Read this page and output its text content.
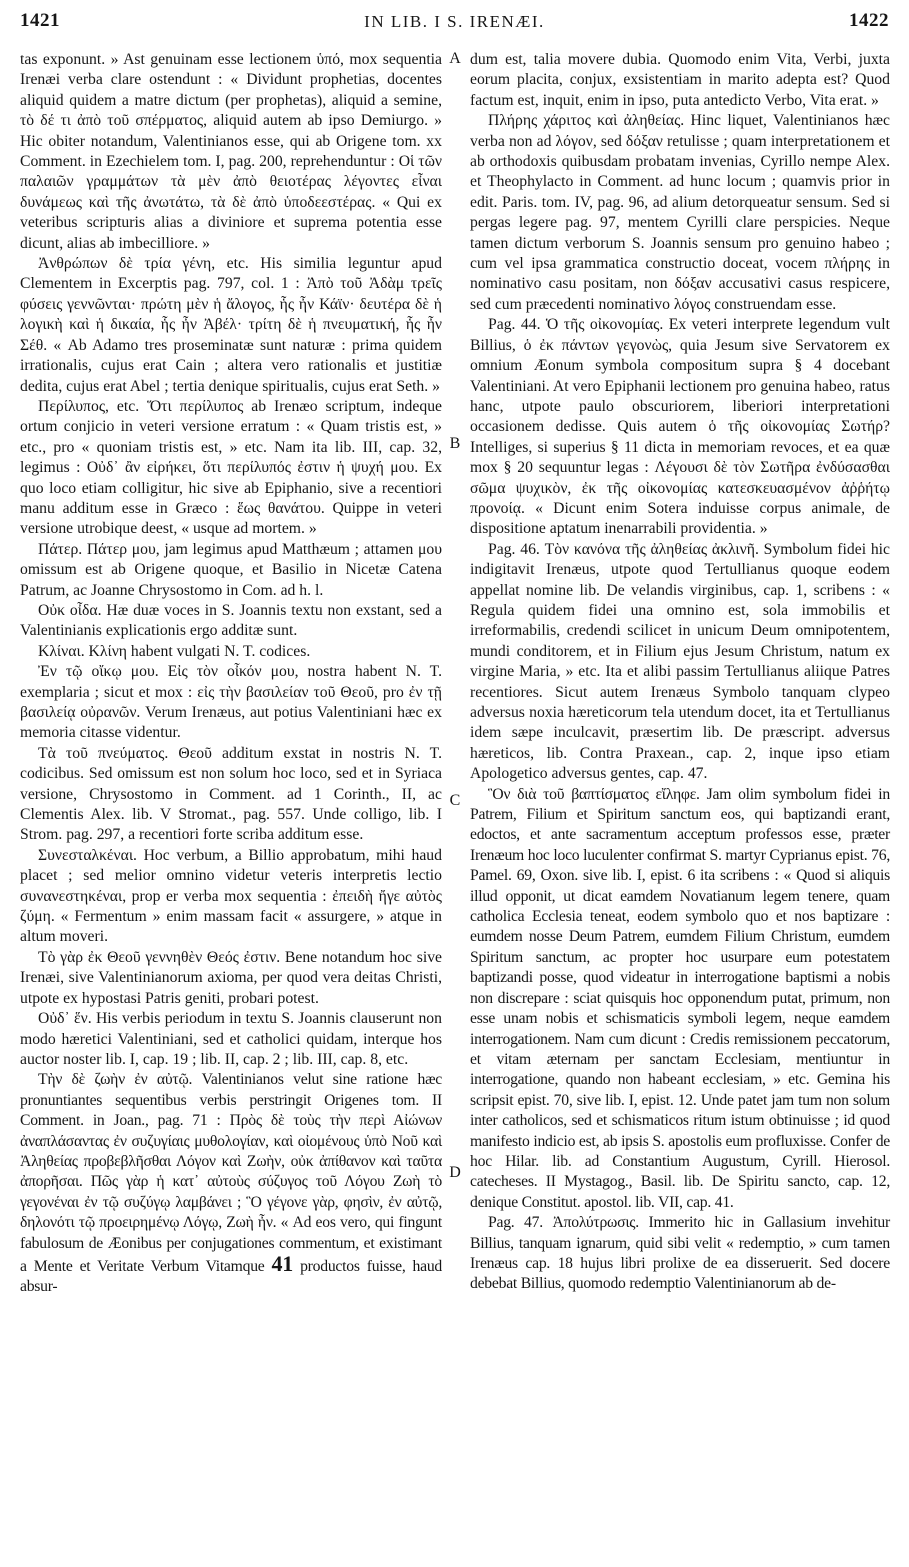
1421	IN LIB. I S. IRENÆI.	1422

tas exponunt. » Ast genuinam esse lectionem ὑπό, mox sequentia Irenæi verba clare ostendunt : « Dividunt prophetias, docentes aliquid quidem a matre dictum (per prophetas), aliquid a semine, τὸ δέ τι ἀπὸ τοῦ σπέρματος, aliquid autem ab ipso Demiurgo. » Hic obiter notandum, Valentinianos esse, qui ab Origene tom. xx Comment. in Ezechielem tom. I, pag. 200, reprehenduntur : Οἱ τῶν παλαιῶν γραμμάτων τὰ μὲν ἀπὸ θειοτέρας λέγοντες εἶναι δυνάμεως καὶ τῆς ἀνωτάτω, τὰ δὲ ἀπὸ ὑποδεεστέρας. « Qui ex veteribus scripturis alias a diviniore et suprema potentia esse dicunt, alias ab imbecilliore. »

Ἀνθρώπων δὲ τρία γένη, etc. His similia leguntur apud Clementem in Excerptis pag. 797, col. 1 : Ἀπὸ τοῦ Ἀδὰμ τρεῖς φύσεις γεννῶνται· πρώτη μὲν ἡ ἄλογος, ἧς ἦν Κάϊν· δευτέρα δὲ ἡ λογικὴ καὶ ἡ δικαία, ἧς ἦν Ἀβέλ· τρίτη δὲ ἡ πνευματική, ἧς ἦν Σέθ. « Ab Adamo tres proseminatæ sunt naturæ : prima quidem irrationalis, cujus erat Cain ; altera vero rationalis et justitiæ dedita, cujus erat Abel ; tertia denique spiritualis, cujus erat Seth. »

Περίλυπος, etc. Ὅτι περίλυπος ab Irenæo scriptum, indeque ortum conjicio in veteri versione erratum : « Quam tristis est, » etc., pro « quoniam tristis est, » etc. Nam ita lib. III, cap. 32, legimus : Οὐδ᾽ ἂν εἰρήκει, ὅτι περίλυπός ἐστιν ἡ ψυχή μου. Ex quo loco etiam colligitur, hic sive ab Epiphanio, sive a recentiori manu additum esse in Græco : ἕως θανάτου. Quippe in veteri versione utrobique deest, « usque ad mortem. »

Πάτερ. Πάτερ μου, jam legimus apud Matthæum ; attamen μου omissum est ab Origene quoque, et Basilio in Nicetæ Catena Patrum, ac Joanne Chrysostomo in Com. ad h. l.

Οὐκ οἶδα. Hæ duæ voces in S. Joannis textu non exstant, sed a Valentinianis explicationis ergo additæ sunt.

Κλίναι. Κλίνη habent vulgati N. T. codices.

Ἐν τῷ οἴκῳ μου. Εἰς τὸν οἶκόν μου, nostra habent N. T. exemplaria ; sicut et mox : εἰς τὴν βασιλείαν τοῦ Θεοῦ, pro ἐν τῇ βασιλείᾳ οὐρανῶν. Verum Irenæus, aut potius Valentiniani hæc ex memoria citasse videntur.

Τὰ τοῦ πνεύματος. Θεοῦ additum exstat in nostris N. T. codicibus. Sed omissum est non solum hoc loco, sed et in Syriaca versione, Chrysostomo in Comment. ad 1 Corinth., II, ac Clementis Alex. lib. V Stromat., pag. 557. Unde colligo, lib. I Strom. pag. 297, a recentiori forte scriba additum esse.

Συνεσταλκέναι. Hoc verbum, a Billio approbatum, mihi haud placet ; sed melior omnino videtur veteris interpretis lectio συνανεστηκέναι, prop er verba mox sequentia : ἐπειδὴ ἤγε αὐτὸς ζύμη. « Fermentum » enim massam facit « assurgere, » atque in altum moveri.

Τὸ γὰρ ἐκ Θεοῦ γεννηθὲν Θεός ἐστιν. Bene notandum hoc sive Irenæi, sive Valentinianorum axioma, per quod vera deitas Christi, utpote ex hypostasi Patris geniti, probari potest.

Οὐδ᾽ ἕν. His verbis periodum in textu S. Joannis clauserunt non modo hæretici Valentiniani, sed et catholici quidam, interque hos auctor noster lib. I, cap. 19 ; lib. II, cap. 2 ; lib. III, cap. 8, etc.

Τὴν δὲ ζωὴν ἐν αὐτῷ. Valentinianos velut sine ratione hæc pronuntiantes sequentibus verbis perstringit Origenes tom. II Comment. in Joan., pag. 71 : Πρὸς δὲ τοὺς τὴν περὶ Αἰώνων ἀναπλάσαντας ἐν συζυγίαις μυθολογίαν, καὶ οἰομένους ὑπὸ Νοῦ καὶ Ἀληθείας προβεβλῆσθαι Λόγον καὶ Ζωὴν, οὐκ ἀπίθανον καὶ ταῦτα ἀπορῆσαι. Πῶς γὰρ ἡ κατ᾽ αὐτοὺς σύζυγος τοῦ Λόγου Ζωὴ τὸ γεγονέναι ἐν τῷ συζύγῳ λαμβάνει ; Ὃ γέγονε γὰρ, φησὶν, ἐν αὐτῷ, δηλονότι τῷ προειρημένῳ Λόγῳ, Ζωὴ ἦν. « Ad eos vero, qui fingunt fabulosum de Æonibus per conjugationes commentum, et existimant a Mente et Veritate Verbum Vitamque 41 productos fuisse, haud absur-

A
B
C
D

dum est, talia movere dubia. Quomodo enim Vita, Verbi, juxta eorum placita, conjux, exsistentiam in marito adepta est? Quod factum est, inquit, enim in ipso, puta antedicto Verbo, Vita erat. »

Πλήρης χάριτος καὶ ἀληθείας. Hinc liquet, Valentinianos hæc verba non ad λόγον, sed δόξαν retulisse ; quam interpretationem et ab orthodoxis quibusdam probatam invenias, Cyrillo nempe Alex. et Theophylacto in Comment. ad hunc locum ; quamvis prior in edit. Paris. tom. IV, pag. 96, ad alium detorqueatur sensum. Sed si pergas legere pag. 97, mentem Cyrilli clare perspicies. Neque tamen dictum verborum S. Joannis sensum pro genuino habeo ; cum vel ipsa grammatica constructio doceat, vocem πλήρης in nominativo casu positam, non δόξαν accusativi casus respicere, sed cum præcedenti nominativo λόγος construendam esse.

Pag. 44. Ὁ τῆς οἰκονομίας. Ex veteri interprete legendum vult Billius, ὁ ἐκ πάντων γεγονὼς, quia Jesum sive Servatorem ex omnium Æonum symbola compositum supra § 4 docebant Valentiniani. At vero Epiphanii lectionem pro genuina habeo, ratus hanc, utpote paulo obscuriorem, liberiori interpretationi occasionem dedisse. Quis autem ὁ τῆς οἰκονομίας Σωτήρ? Intelliges, si superius § 11 dicta in memoriam revoces, et ea quæ mox § 20 sequuntur legas : Λέγουσι δὲ τὸν Σωτῆρα ἐνδύσασθαι σῶμα ψυχικὸν, ἐκ τῆς οἰκονομίας κατεσκευασμένον ἀῤῥήτῳ προνοίᾳ. « Dicunt enim Sotera induisse corpus animale, de dispositione aptatum inenarrabili providentia. »

Pag. 46. Τὸν κανόνα τῆς ἀληθείας ἀκλινῆ. Symbolum fidei hic indigitavit Irenæus, utpote quod Tertullianus quoque eodem appellat nomine lib. De velandis virginibus, cap. 1, scribens : « Regula quidem fidei una omnino est, sola immobilis et irreformabilis, credendi scilicet in unicum Deum omnipotentem, mundi conditorem, et in Filium ejus Jesum Christum, natum ex virgine Maria, » etc. Ita et alibi passim Tertullianus aliique Patres recentiores. Sicut autem Irenæus Symbolo tanquam clypeo adversus noxia hæreticorum tela utendum docet, ita et Tertullianus idem sæpe inculcavit, præsertim lib. De præscript. adversus hæreticos, lib. Contra Praxean., cap. 2, inque ipso etiam Apologetico adversus gentes, cap. 47.

Ὃν διὰ τοῦ βαπτίσματος εἴληφε. Jam olim symbolum fidei in Patrem, Filium et Spiritum sanctum eos, qui baptizandi erant, edoctos, et ante sacramentum acceptum professos esse, præter Irenæum hoc loco luculenter confirmat S. martyr Cyprianus epist. 76, Pamel. 69, Oxon. sive lib. I, epist. 6 ita scribens : « Quod si aliquis illud opponit, ut dicat eamdem Novatianum legem tenere, quam catholica Ecclesia teneat, eodem symbolo quo et nos baptizare : eumdem nosse Deum Patrem, eumdem Filium Christum, eumdem Spiritum sanctum, ac propter hoc usurpare eum potestatem baptizandi posse, quod videatur in interrogatione baptismi a nobis non discrepare : sciat quisquis hoc opponendum putat, primum, non esse unam nobis et schismaticis symboli legem, neque eamdem interrogationem. Nam cum dicunt : Credis remissionem peccatorum, et vitam æternam per sanctam Ecclesiam, mentiuntur in interrogatione, quando non habeant ecclesiam, » etc. Gemina his scripsit epist. 70, sive lib. I, epist. 12. Unde patet jam tum non solum inter catholicos, sed et schismaticos ritum istum obtinuisse ; id quod manifesto indicio est, ab ipsis S. apostolis eum profluxisse. Confer de hoc Hilar. lib. ad Constantium Augustum, Cyrill. Hierosol. catecheses. II Mystagog., Basil. lib. De Spiritu sancto, cap. 12, denique Constitut. apostol. lib. VII, cap. 41.

Pag. 47. Ἀπολύτρωσις. Immerito hic in Gallasium invehitur Billius, tanquam ignarum, quid sibi velit « redemptio, » cum tamen Irenæus cap. 18 hujus libri prolixe de ea disseruerit. Sed docere debebat Billius, quomodo redemptio Valentinianorum ab de-
